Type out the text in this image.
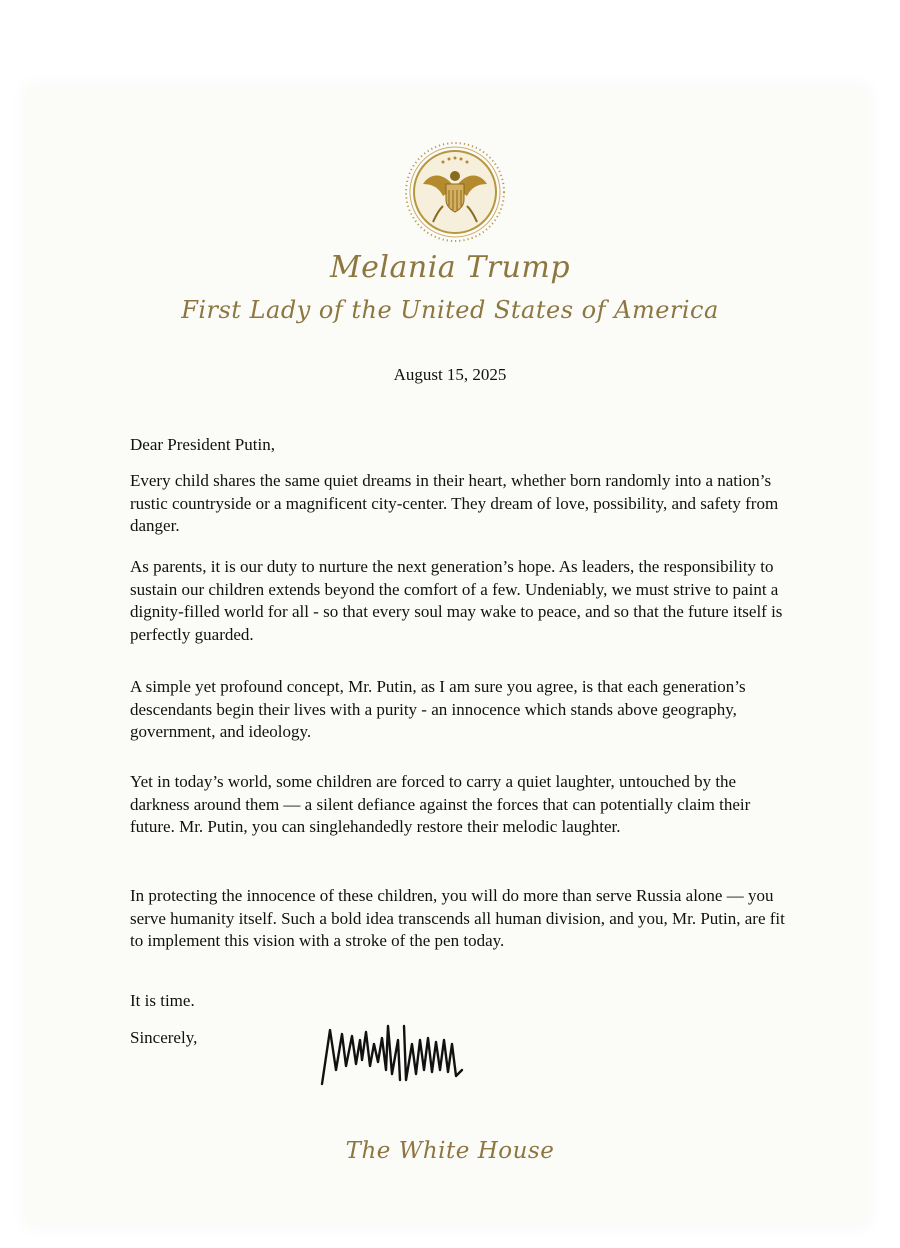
Melania Trump
First Lady of the United States of America
August 15, 2025

Dear President Putin,

Every child shares the same quiet dreams in their heart, whether born randomly into a nation’s rustic countryside or a magnificent city-center. They dream of love, possibility, and safety from danger.

As parents, it is our duty to nurture the next generation’s hope. As leaders, the responsibility to sustain our children extends beyond the comfort of a few. Undeniably, we must strive to paint a dignity-filled world for all - so that every soul may wake to peace, and so that the future itself is perfectly guarded.

A simple yet profound concept, Mr. Putin, as I am sure you agree, is that each generation’s descendants begin their lives with a purity - an innocence which stands above geography, government, and ideology.

Yet in today’s world, some children are forced to carry a quiet laughter, untouched by the darkness around them — a silent defiance against the forces that can potentially claim their future. Mr. Putin, you can singlehandedly restore their melodic laughter.

In protecting the innocence of these children, you will do more than serve Russia alone — you serve humanity itself. Such a bold idea transcends all human division, and you, Mr. Putin, are fit to implement this vision with a stroke of the pen today.

It is time.

Sincerely,

The White House
